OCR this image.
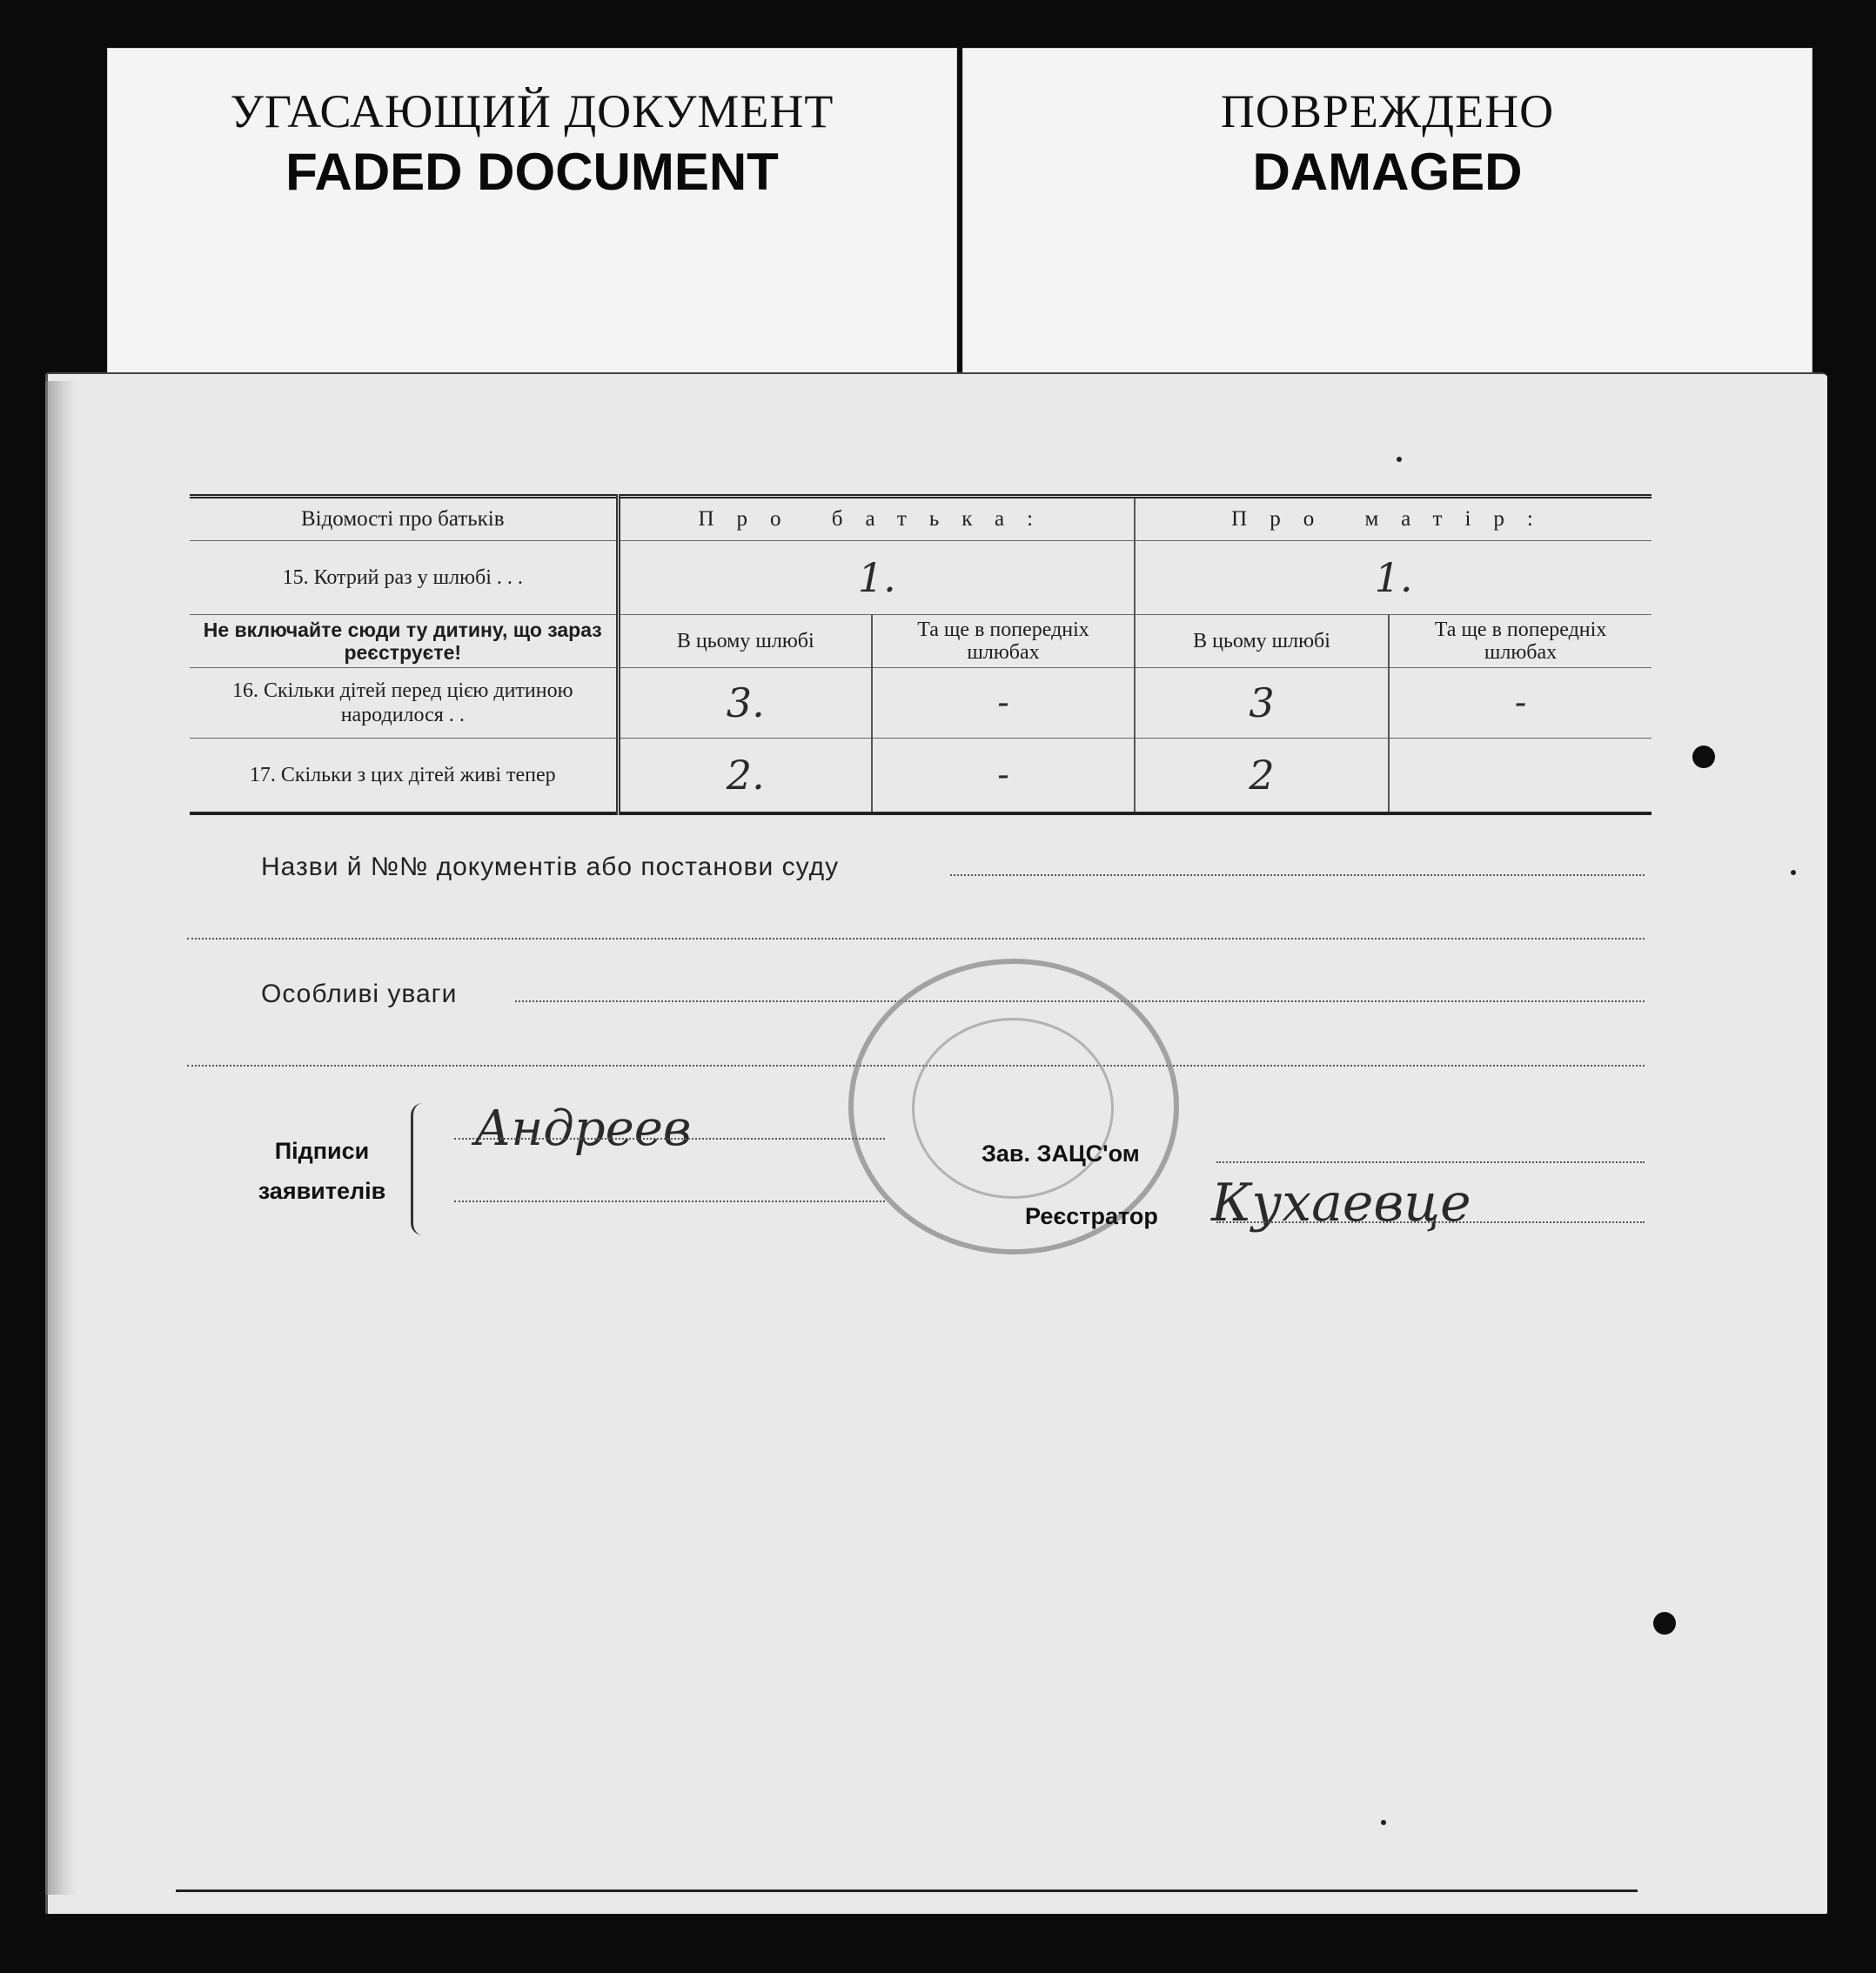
УГАСАЮЩИЙ ДОКУМЕНТ
FADED DOCUMENT
ПОВРЕЖДЕНО
DAMAGED
Відомості про батьків	Про батька:		Про матір:	
15. Котрий раз у шлюбі . . .	1.		1.	
Не включайте сюди ту дитину, що зараз реєструєте!	В цьому шлюбі	Та ще в попередніх шлюбах	В цьому шлюбі	Та ще в попередніх шлюбах
16. Скільки дітей перед цією дитиною народилося . .	3.	-	3	-
17. Скільки з цих дітей живі тепер	2.	-	2	
Назви й №№ документів або постанови суду
Особливі уваги
Підписи
заявителів
Андреев	Зав. ЗАЦС'ом
Реєстратор Кухаевце
